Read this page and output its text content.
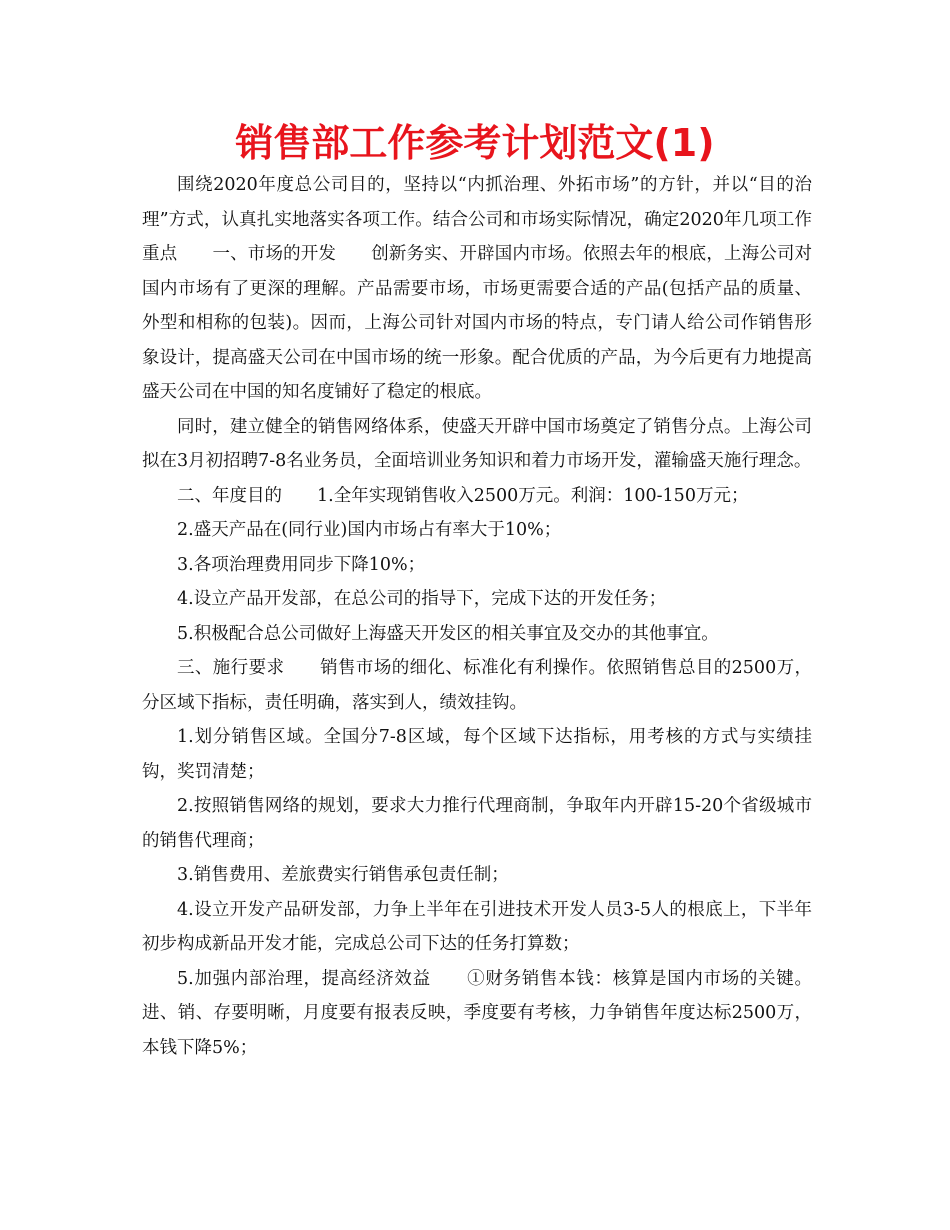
销售部工作参考计划范文(1)

围绕2020年度总公司目的，坚持以“内抓治理、外拓市场”的方针，并以“目的治理”方式，认真扎实地落实各项工作。结合公司和市场实际情况，确定2020年几项工作重点　　一、市场的开发　　创新务实、开辟国内市场。依照去年的根底，上海公司对国内市场有了更深的理解。产品需要市场，市场更需要合适的产品(包括产品的质量、外型和相称的包装)。因而，上海公司针对国内市场的特点，专门请人给公司作销售形象设计，提高盛天公司在中国市场的统一形象。配合优质的产品，为今后更有力地提高盛天公司在中国的知名度铺好了稳定的根底。

同时，建立健全的销售网络体系，使盛天开辟中国市场奠定了销售分点。上海公司拟在3月初招聘7-8名业务员，全面培训业务知识和着力市场开发，灌输盛天施行理念。

二、年度目的　　1.全年实现销售收入2500万元。利润：100-150万元；

2.盛天产品在(同行业)国内市场占有率大于10%；

3.各项治理费用同步下降10%；

4.设立产品开发部，在总公司的指导下，完成下达的开发任务；

5.积极配合总公司做好上海盛天开发区的相关事宜及交办的其他事宜。

三、施行要求　　销售市场的细化、标准化有利操作。依照销售总目的2500万，分区域下指标，责任明确，落实到人，绩效挂钩。

1.划分销售区域。全国分7-8区域，每个区域下达指标，用考核的方式与实绩挂钩，奖罚清楚；

2.按照销售网络的规划，要求大力推行代理商制，争取年内开辟15-20个省级城市的销售代理商；

3.销售费用、差旅费实行销售承包责任制；

4.设立开发产品研发部，力争上半年在引进技术开发人员3-5人的根底上，下半年初步构成新品开发才能，完成总公司下达的任务打算数；

5.加强内部治理，提高经济效益　　①财务销售本钱：核算是国内市场的关键。进、销、存要明晰，月度要有报表反映，季度要有考核，力争销售年度达标2500万，本钱下降5%；
